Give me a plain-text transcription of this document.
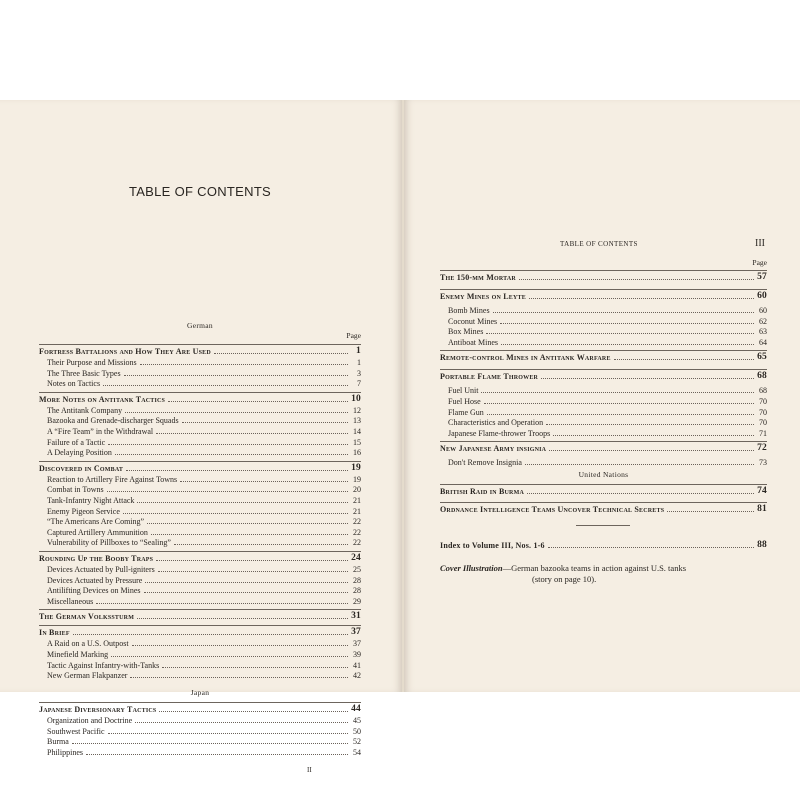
TABLE OF CONTENTS
German
Page
Fortress Battalions and How They Are Used	1
Their Purpose and Missions	1
The Three Basic Types	3
Notes on Tactics	7
More Notes on Antitank Tactics	10
The Antitank Company	12
Bazooka and Grenade-discharger Squads	13
A “Fire Team” in the Withdrawal	14
Failure of a Tactic	15
A Delaying Position	16
Discovered in Combat	19
Reaction to Artillery Fire Against Towns	19
Combat in Towns	20
Tank-Infantry Night Attack	21
Enemy Pigeon Service	21
“The Americans Are Coming”	22
Captured Artillery Ammunition	22
Vulnerability of Pillboxes to “Sealing”	22
Rounding Up the Booby Traps	24
Devices Actuated by Pull-igniters	25
Devices Actuated by Pressure	28
Antilifting Devices on Mines	28
Miscellaneous	29
The German Volkssturm	31
In Brief	37
A Raid on a U.S. Outpost	37
Minefield Marking	39
Tactic Against Infantry-with-Tanks	41
New German Flakpanzer	42
Japan
Japanese Diversionary Tactics	44
Organization and Doctrine	45
Southwest Pacific	50
Burma	52
Philippines	54
II
TABLE OF CONTENTS	III
Page
The 150-mm Mortar	57
Enemy Mines on Leyte	60
Bomb Mines	60
Coconut Mines	62
Box Mines	63
Antiboat Mines	64
Remote-control Mines in Antitank Warfare	65
Portable Flame Thrower	68
Fuel Unit	68
Fuel Hose	70
Flame Gun	70
Characteristics and Operation	70
Japanese Flame-thrower Troops	71
New Japanese Army insignia	72
Don't Remove Insignia	73
United Nations
British Raid in Burma	74
Ordnance Intelligence Teams Uncover Technical Secrets	81
Index to Volume III, Nos. 1-6	88
Cover Illustration—German bazooka teams in action against U.S. tanks
(story on page 10).
